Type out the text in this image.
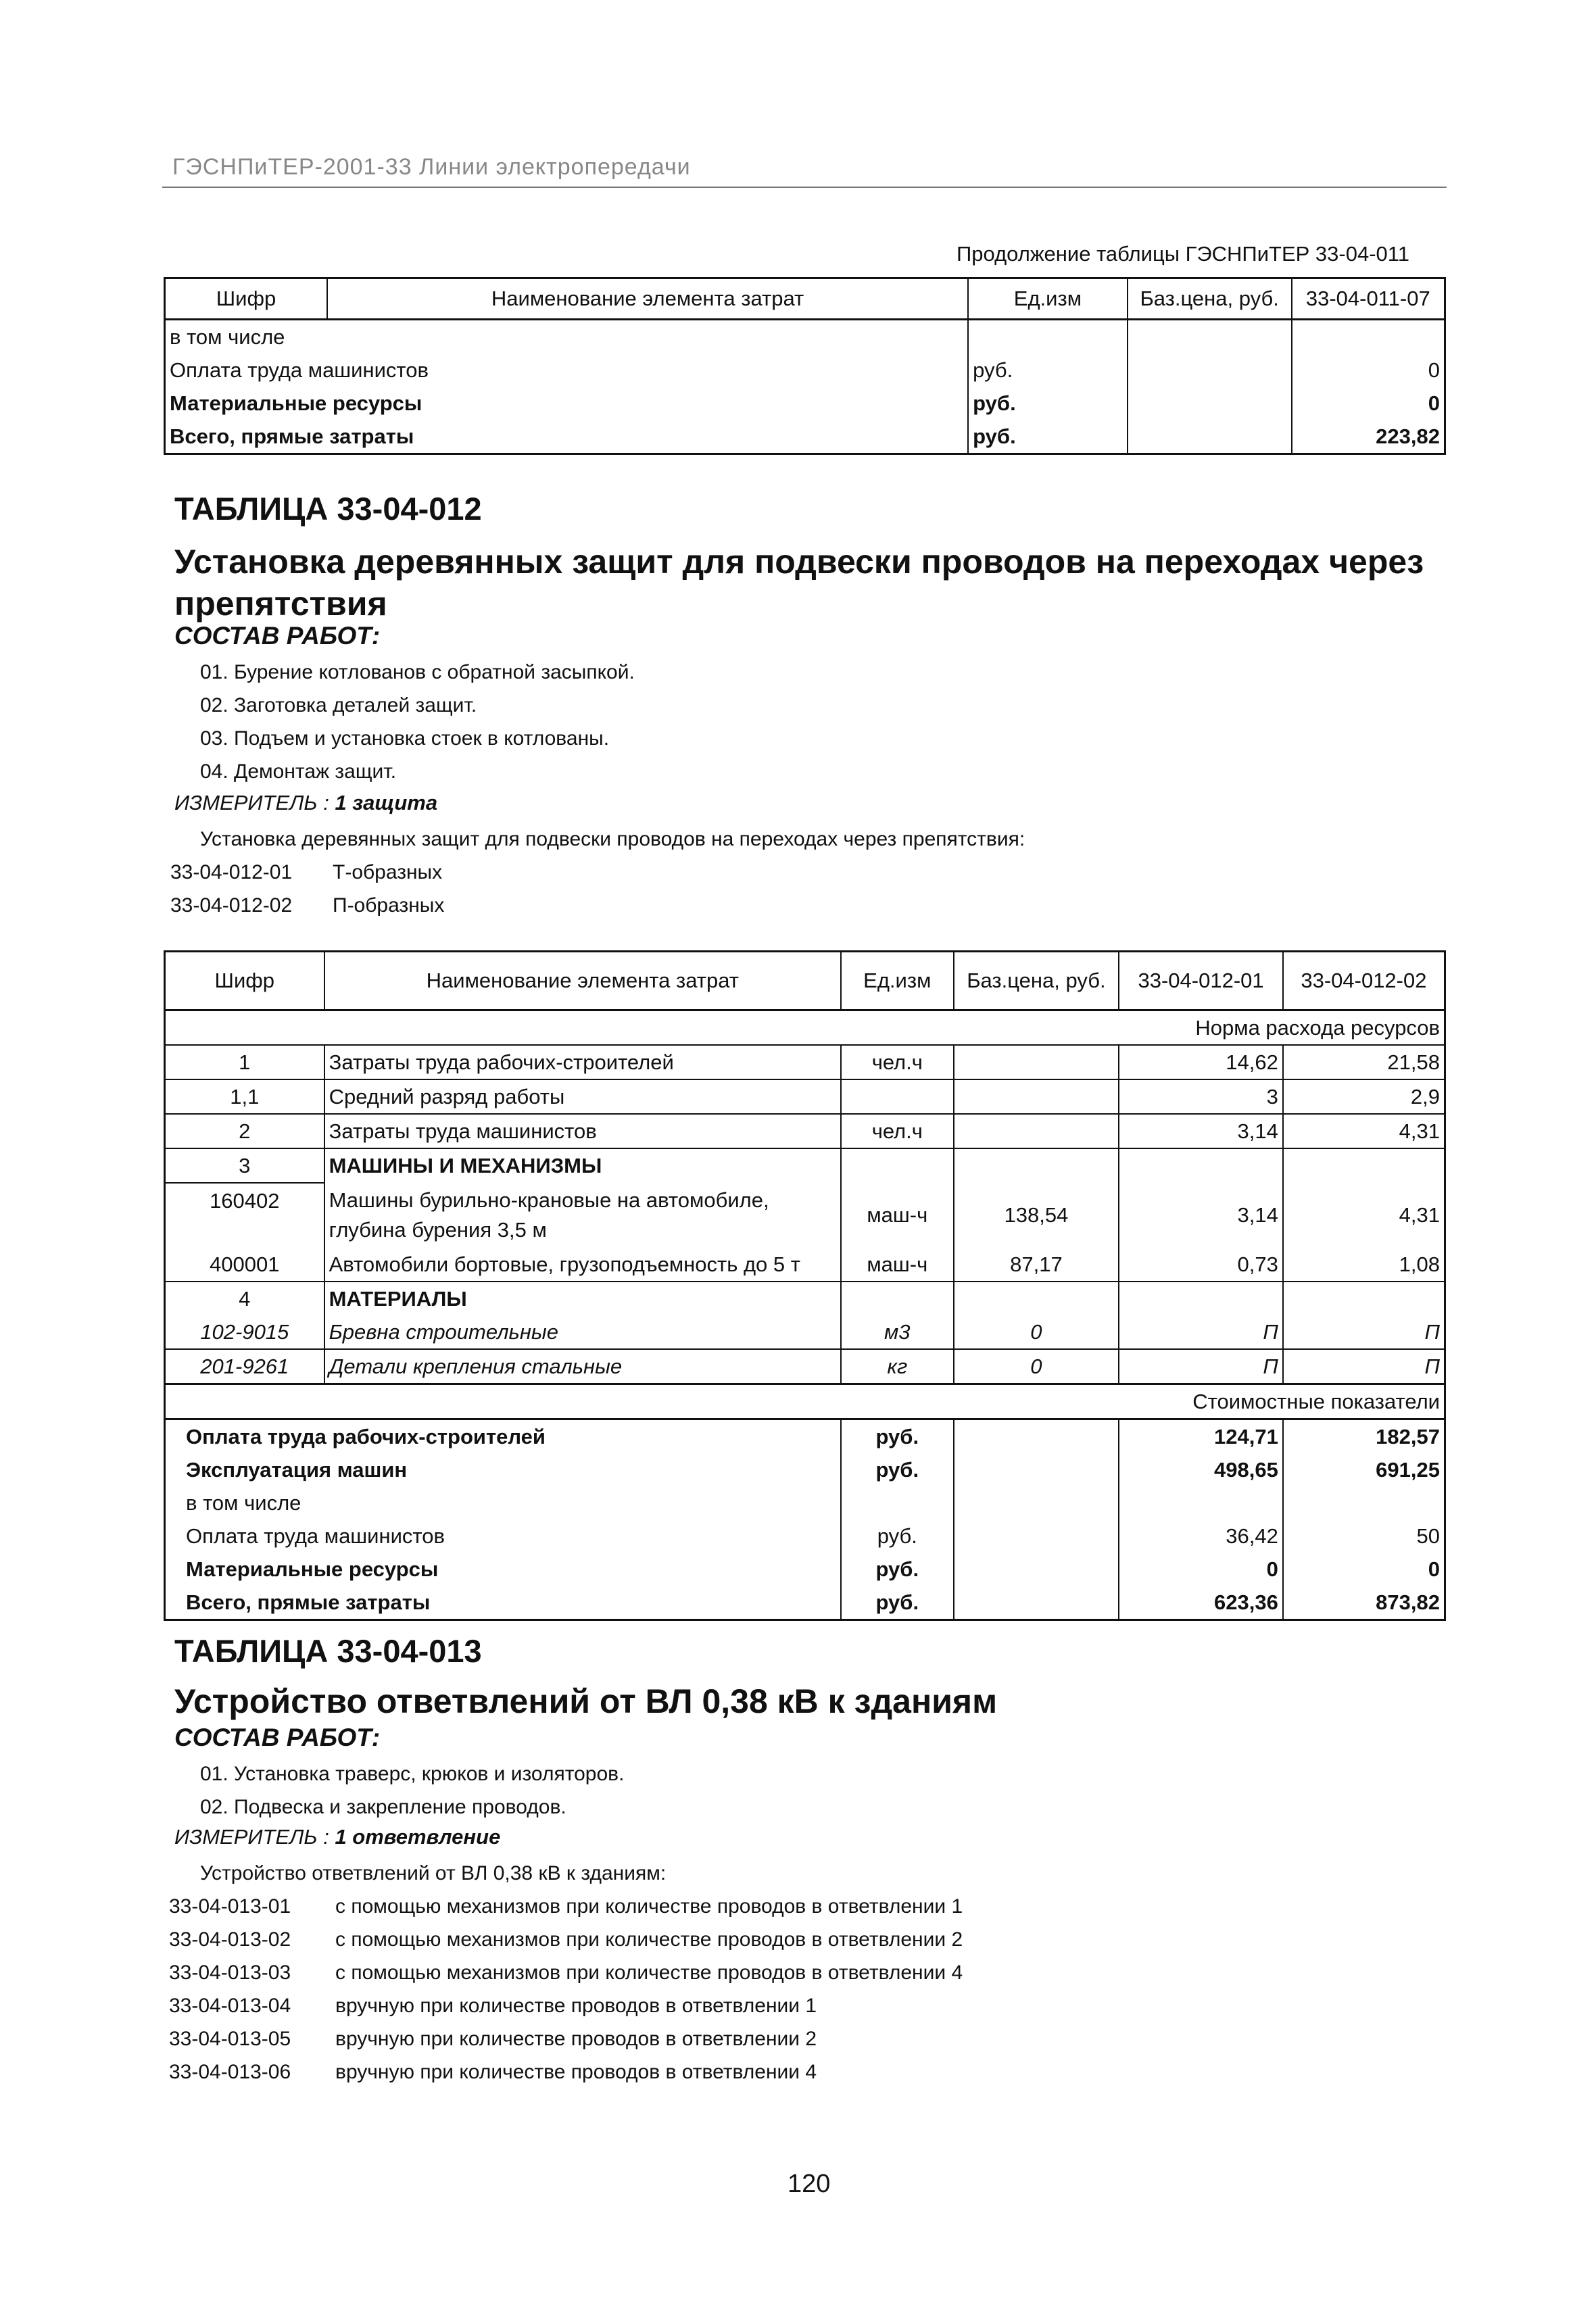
ГЭСНПиТЕР-2001-33 Линии электропередачи
Продолжение таблицы ГЭСНПиТЕР 33-04-011
Шифр	Наименование элемента затрат	Ед.изм	Баз.цена, руб.	33-04-011-07
в том числе				
Оплата труда машинистов		руб.		0
Материальные ресурсы		руб.		0
Всего, прямые затраты		руб.		223,82
ТАБЛИЦА 33-04-012
Установка деревянных защит для подвески проводов на переходах через препятствия
СОСТАВ РАБОТ:
01. Бурение котлованов с обратной засыпкой.
02. Заготовка деталей защит.
03. Подъем и установка стоек в котлованы.
04. Демонтаж защит.
ИЗМЕРИТЕЛЬ : 1 защита
Установка деревянных защит для подвески проводов на переходах через препятствия:
33-04-012-01 Т-образных
33-04-012-02 П-образных
Шифр	Наименование элемента затрат	Ед.изм	Баз.цена, руб.	33-04-012-01	33-04-012-02
Норма расхода ресурсов					
1	Затраты труда рабочих-строителей	чел.ч		14,62	21,58
1,1	Средний разряд работы			3	2,9
2	Затраты труда машинистов	чел.ч		3,14	4,31
3	МАШИНЫ И МЕХАНИЗМЫ				
160402	Машины бурильно-крановые на автомобиле,
глубина бурения 3,5 м	маш-ч	138,54	3,14	4,31
400001	Автомобили бортовые, грузоподъемность до 5 т	маш-ч	87,17	0,73	1,08
4	МАТЕРИАЛЫ				
102-9015	Бревна строительные	м3	0	П	П
201-9261	Детали крепления стальные	кг	0	П	П
Стоимостные показатели					
Оплата труда рабочих-строителей		руб.		124,71	182,57
Эксплуатация машин		руб.		498,65	691,25
в том числе					
Оплата труда машинистов		руб.		36,42	50
Материальные ресурсы		руб.		0	0
Всего, прямые затраты		руб.		623,36	873,82
ТАБЛИЦА 33-04-013
Устройство ответвлений от ВЛ 0,38 кВ к зданиям
СОСТАВ РАБОТ:
01. Установка траверс, крюков и изоляторов.
02. Подвеска и закрепление проводов.
ИЗМЕРИТЕЛЬ : 1 ответвление
Устройство ответвлений от ВЛ 0,38 кВ к зданиям:
33-04-013-01 с помощью механизмов при количестве проводов в ответвлении 1
33-04-013-02 с помощью механизмов при количестве проводов в ответвлении 2
33-04-013-03 с помощью механизмов при количестве проводов в ответвлении 4
33-04-013-04 вручную при количестве проводов в ответвлении 1
33-04-013-05 вручную при количестве проводов в ответвлении 2
33-04-013-06 вручную при количестве проводов в ответвлении 4
120
